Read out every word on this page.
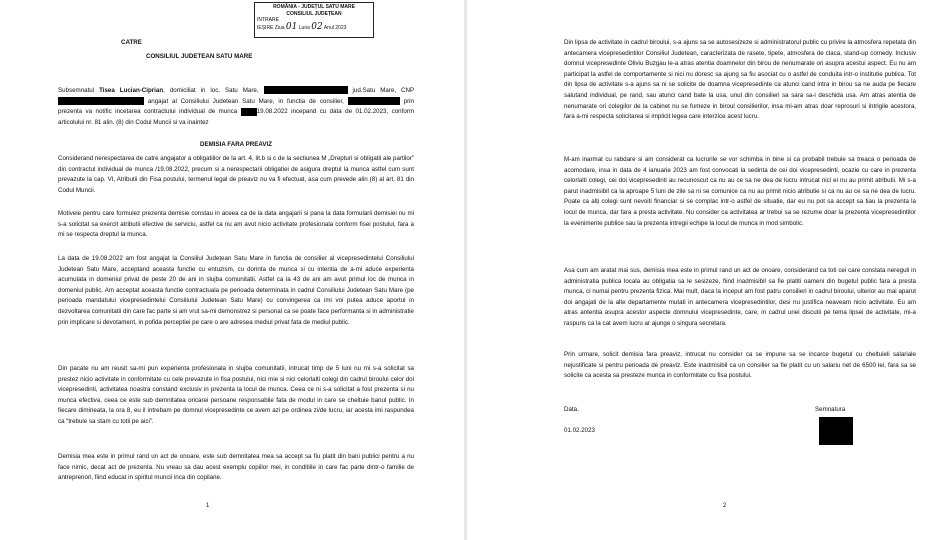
ROMÂNIA - JUDEȚUL SATU MARE
CONSILIUL JUDEȚEAN
INTRARE
IEȘIRE Ziua 01 Luna 02 Anul 2023
CATRE
CONSILIUL JUDETEAN SATU MARE
Subsemnatul Tisea Lucian-Ciprian, domiciliat in loc. Satu Mare,	jud.Satu Mare, CNP  angajat al Consiliului Judetean Satu Mare, in functia de consilier,	prin prezenta va notific incetarea contractului individual de munca	19.08.2022 incepand cu data de 01.02.2023, conform articolului nr. 81 alin. (8) din Codul Muncii si va inaintez
DEMISIA FARA PREAVIZ
Considerand nerespectarea de catre angajator a obligatiilor de la art. 4, lit.b si c de la sectiunea M „Drepturi si obligatii ale partilor” din contractul individual de munca /19.08.2022, precum si a nerespectarii obligatiei de asigura dreptul la munca astfel cum sunt prevazute la cap. VI, Atributii din Fisa postului, termenul legal de preaviz nu va fi efectuat, asa cum prevede alin (8) al art. 81 din Codul Muncii.
Motivele pentru care formulez prezenta demisie constau in aceea ca de la data angajarii si pana la data formularii demisiei nu mi s-a solicitat sa exercit atributii efective de serviciu, astfel ca nu am avut nicio activitate profesionala conform fisei postului, fara a mi se respecta dreptul la munca.
La data de 19.08.2022 am fost angajat la Consiliul Județean Satu Mare in functia de consilier al vicepresedintelui Consiliului Judetean Satu Mare, acceptand aceasta functie cu entuzism, cu dorinta de munca si cu intentia de a-mi aduce experienta acumulata in domeniul privat de peste 20 de ani in slujba comunitatii. Astfel ca la 43 de ani am avut primul loc de munca in domeniul public. Am acceptat aceasta functie contractuala pe perioada determinata in cadrul Consiliului Judetean Satu Mare (pe perioada mandatului vicepresedintelui Consiliului Judetean Satu Mare) cu convingerea ca imi voi putea aduce aportul in dezvoltarea comunitatii din care fac parte si am vrut sa-mi demonstrez si personal ca se poate face performanta si in administratie prin implicare si devotament, in pofida perceptiei pe care o are adresea mediul privat fata de mediul public.
Din pacate nu am reusit sa-mi pun experienta profesionala in slujba comunitatii, intrucat timp de 5 luni nu mi s-a solicitat sa prestez nicio activitate in conformitate cu cele prevazute in fisa postului, nici mie si nici celorlalti colegi din cadrul biroului celor doi vicepresedinti, activitatea noastra constand exclusiv in prezenta la locul de munca. Ceea ce ni s-a solicitat a fost prezenta si nu munca efectiva, ceea ce este sub demnitatea oricarei persoane responsabile fata de modul in care se cheltuie banul public. In fiecare dimineata, la ora 8, eu il intrebam pe domnul vicepresedinte ce avem azi pe ordinea zi/de lucru, iar acesta imi raspundea ca “trebuie sa stam cu totii pe aici”.
Demisia mea este in primul rand un act de onoare, este sub demnitatea mea sa accept sa fiu platit din bani publici pentru a nu face nimic, decat act de prezenta. Nu vreau sa dau acest exemplu copiilor mei, in conditiile in care fac parte dintr-o familie de antreprenori, fiind educat in spiritul muncii inca din copilarie.
1
Din lipsa de activitate in cadrul biroului, s-a ajuns sa se autosesizeze si administratorul public cu privire la atmosfera repetata din antecamera vicepresedintilor Consiliul Judetean, caracterizata de rasete, tipete, atmosfera de claca, stand-up comedy. Inclusiv domnul vicepresedinte Oliviu Buzgau le-a atras atentia doamnelor din birou de nenumarate ori asupra acestui aspect. Eu nu am participat la astfel de comportamente si nici nu doresc sa ajung sa fiu asociat cu o astfel de conduita intr-o institutie publica. Tot din lipsa de activitate s-a ajuns sa ni se solicite de doamna vicepresedinte ca atunci cand intra in birou sa ne auda pe fiecare salutand individual, pe rand, sau atunci cand bate la usa, unul din consilieri sa sara sa-i deschida usa. Am atras atentia de nenumarate ori colegilor de la cabinet nu se fumeze in biroul consilierilor, insa mi-am atras doar reprosuri si intrigile acestora, fara a-mi respecta solicitarea si implicit legea care interzice acest lucru.
M-am inarmat cu rabdare si am considerat ca lucrurile se vor schimba in bine si ca probabil trebuie sa treaca o perioada de acomodare, insa in data de 4 ianuarie 2023 am fost convocati la sedinta de cei doi vicepresedinti, ocazie cu care in prezenta celorlalti colegi, cei doi vicepresedinti au recunoscut ca nu au ce sa ne dea de lucru intrucat nici ei nu au primit atributii. Mi s-a parut inadmisibil ca la aproape 5 luni de zile sa ni se comunice ca nu au primit nicio atributie si ca nu au ce sa ne dea de lucru. Poate ca alți colegi sunt nevoiti financiar si se complac intr-o astfel de situatie, dar eu nu pot sa accept sa tiau la prezenta la locul de munca, dar fara a presta activitate. Nu consider ca activitatea ar trebui sa se rezume doar la prezenta vicepresedintilor la evenimente publice sau la prezenta intregii echipe la locul de munca in mod simbolic.
Asa cum am aratat mai sus, demisia mea este in primul rand un act de onoare, considerand ca toti cei care constata nereguli in administratia publica locala au obligatia sa le sesizeze, fiind inadmisibil sa fie platiti oameni din bugetul public fara a presta munca, ci numai pentru prezenta fizica. Mai mult, daca la inceput am fost patru consilieri in cadrul biroului, ulterior au mai aparut doi angajati de la alte departamente mutati in antecamera vicepresedintilor, desi nu justifica neaveam nicio activitate. Eu am atras antentia asupra acestor aspecte domnului vicepresedinte, care, in cadrul unei discutii pe tema lipsei de activitate, mi-a raspuns ca la cat avem lucru ar ajunge o singura secretara.
Prin urmare, solicit demisia fara preaviz, intrucat nu consider ca se impune sa se incarce bugetul cu cheltuieli salariale nejustificate si pentru perioada de preaviz. Este inadmisibil ca un consilier sa fie platit cu un salariu net de 6500 lei, fara sa se solicite ca acesta sa presteze munca in conformitate cu fisa postului.
Data,
01.02.2023
Semnatura
2
